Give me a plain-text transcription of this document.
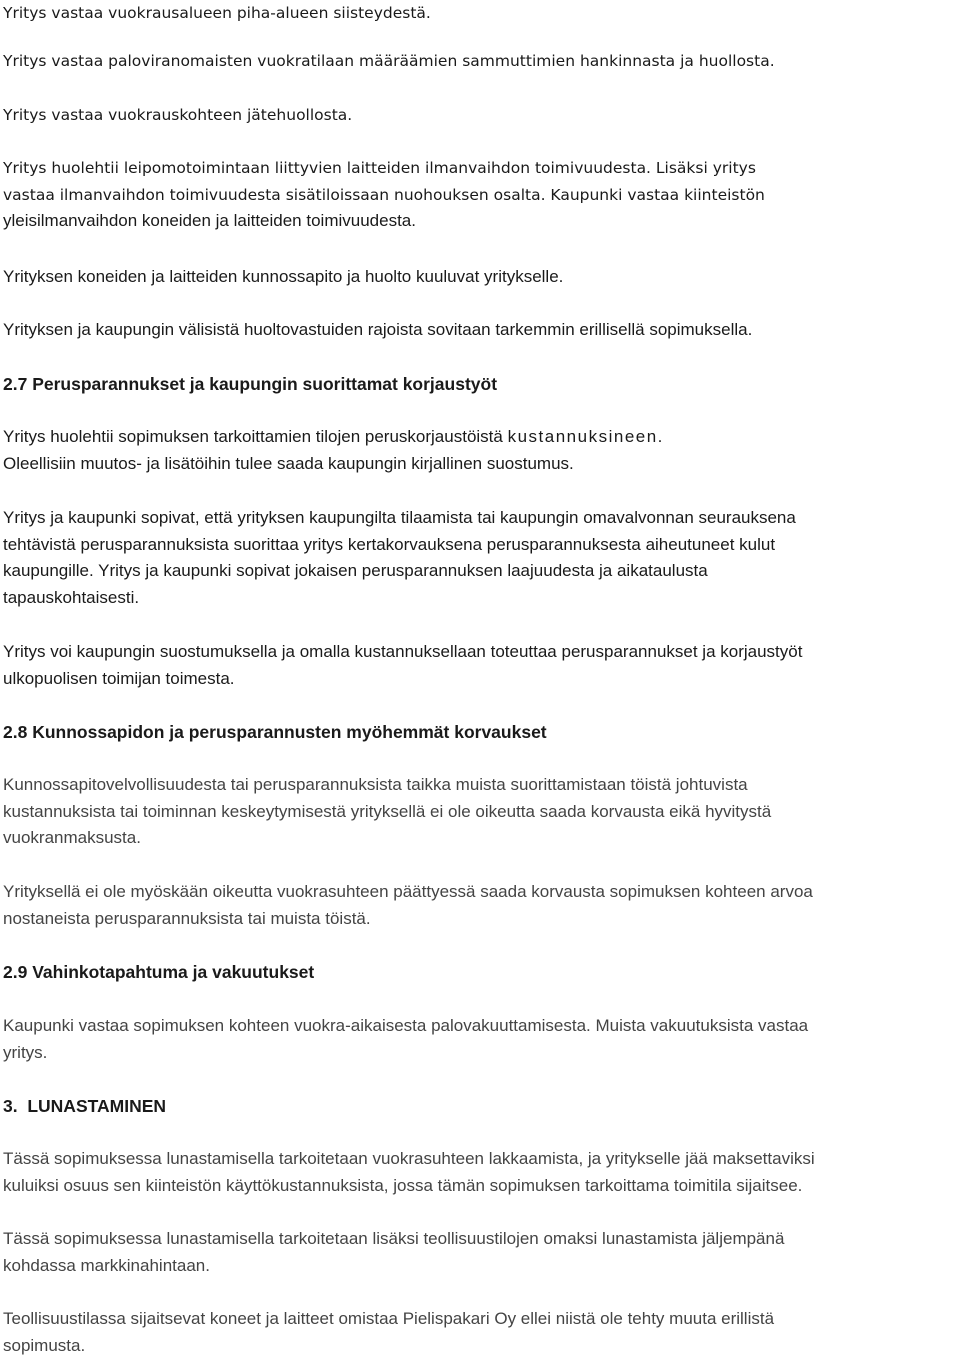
Yritys vastaa vuokrausalueen piha-alueen siisteydestä.

Yritys vastaa paloviranomaisten vuokratilaan määräämien sammuttimien hankinnasta ja huollosta.

Yritys vastaa vuokrauskohteen jätehuollosta.

Yritys huolehtii leipomotoimintaan liittyvien laitteiden ilmanvaihdon toimivuudesta. Lisäksi yritys
vastaa ilmanvaihdon toimivuudesta sisätiloissaan nuohouksen osalta. Kaupunki vastaa kiinteistön
yleisilmanvaihdon koneiden ja laitteiden toimivuudesta.

Yrityksen koneiden ja laitteiden kunnossapito ja huolto kuuluvat yritykselle.

Yrityksen ja kaupungin välisistä huoltovastuiden rajoista sovitaan tarkemmin erillisellä sopimuksella.

2.7 Perusparannukset ja kaupungin suorittamat korjaustyöt

Yritys huolehtii sopimuksen tarkoittamien tilojen peruskorjaustöistä kustannuksineen.
Oleellisiin muutos- ja lisätöihin tulee saada kaupungin kirjallinen suostumus.

Yritys ja kaupunki sopivat, että yrityksen kaupungilta tilaamista tai kaupungin omavalvonnan seurauksena
tehtävistä perusparannuksista suorittaa yritys kertakorvauksena perusparannuksesta aiheutuneet kulut
kaupungille. Yritys ja kaupunki sopivat jokaisen perusparannuksen laajuudesta ja aikataulusta
tapauskohtaisesti.

Yritys voi kaupungin suostumuksella ja omalla kustannuksellaan toteuttaa perusparannukset ja korjaustyöt
ulkopuolisen toimijan toimesta.

2.8 Kunnossapidon ja perusparannusten myöhemmät korvaukset

Kunnossapitovelvollisuudesta tai perusparannuksista taikka muista suorittamistaan töistä johtuvista
kustannuksista tai toiminnan keskeytymisestä yrityksellä ei ole oikeutta saada korvausta eikä hyvitystä
vuokranmaksusta.

Yrityksellä ei ole myöskään oikeutta vuokrasuhteen päättyessä saada korvausta sopimuksen kohteen arvoa
nostaneista perusparannuksista tai muista töistä.

2.9 Vahinkotapahtuma ja vakuutukset

Kaupunki vastaa sopimuksen kohteen vuokra-aikaisesta palovakuuttamisesta. Muista vakuutuksista vastaa
yritys.

3. LUNASTAMINEN

Tässä sopimuksessa lunastamisella tarkoitetaan vuokrasuhteen lakkaamista, ja yritykselle jää maksettaviksi
kuluiksi osuus sen kiinteistön käyttökustannuksista, jossa tämän sopimuksen tarkoittama toimitila sijaitsee.

Tässä sopimuksessa lunastamisella tarkoitetaan lisäksi teollisuustilojen omaksi lunastamista jäljempänä
kohdassa markkinahintaan.

Teollisuustilassa sijaitsevat koneet ja laitteet omistaa Pielispakari Oy ellei niistä ole tehty muuta erillistä
sopimusta.
